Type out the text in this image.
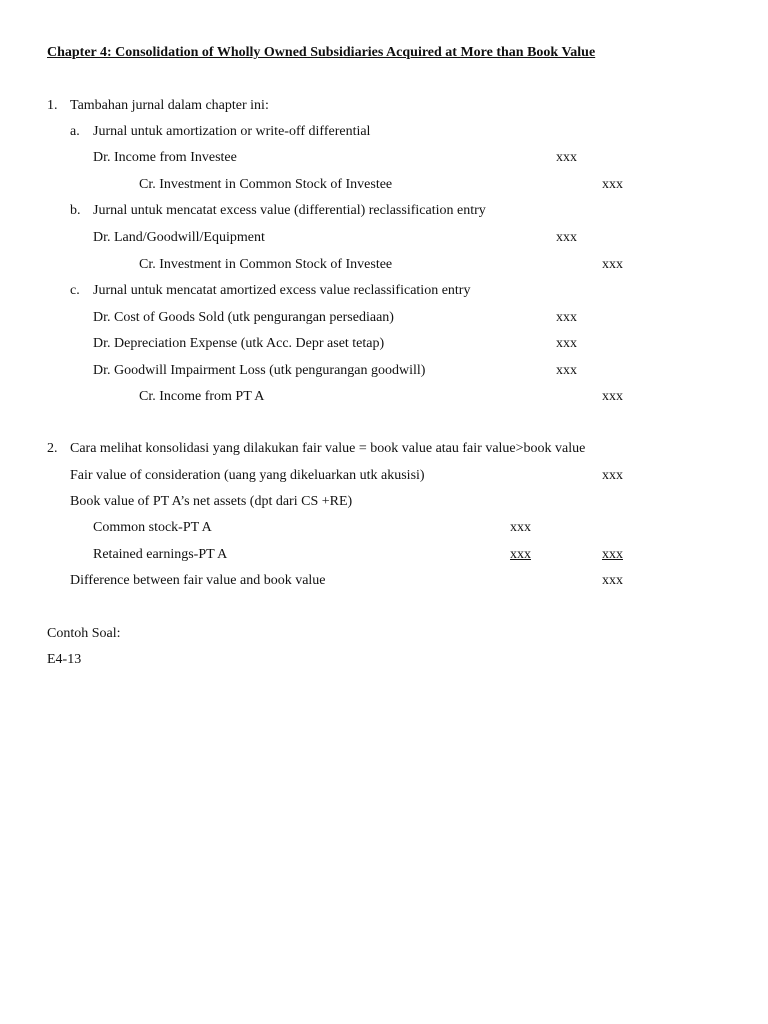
Chapter 4: Consolidation of Wholly Owned Subsidiaries Acquired at More than Book Value
1. Tambahan jurnal dalam chapter ini:
a. Jurnal untuk amortization or write-off differential
Dr. Income from Investee	xxx
Cr. Investment in Common Stock of Investee	xxx
b. Jurnal untuk mencatat excess value (differential) reclassification entry
Dr. Land/Goodwill/Equipment	xxx
Cr. Investment in Common Stock of Investee	xxx
c. Jurnal untuk mencatat amortized excess value reclassification entry
Dr. Cost of Goods Sold (utk pengurangan persediaan)	xxx
Dr. Depreciation Expense (utk Acc. Depr aset tetap)	xxx
Dr. Goodwill Impairment Loss (utk pengurangan goodwill)	xxx
Cr. Income from PT A	xxx
2. Cara melihat konsolidasi yang dilakukan fair value = book value atau fair value>book value
Fair value of consideration (uang yang dikeluarkan utk akusisi)	xxx
Book value of PT A’s net assets (dpt dari CS +RE)
Common stock-PT A	xxx
Retained earnings-PT A	xxx	xxx
Difference between fair value and book value	xxx
Contoh Soal:
E4-13
